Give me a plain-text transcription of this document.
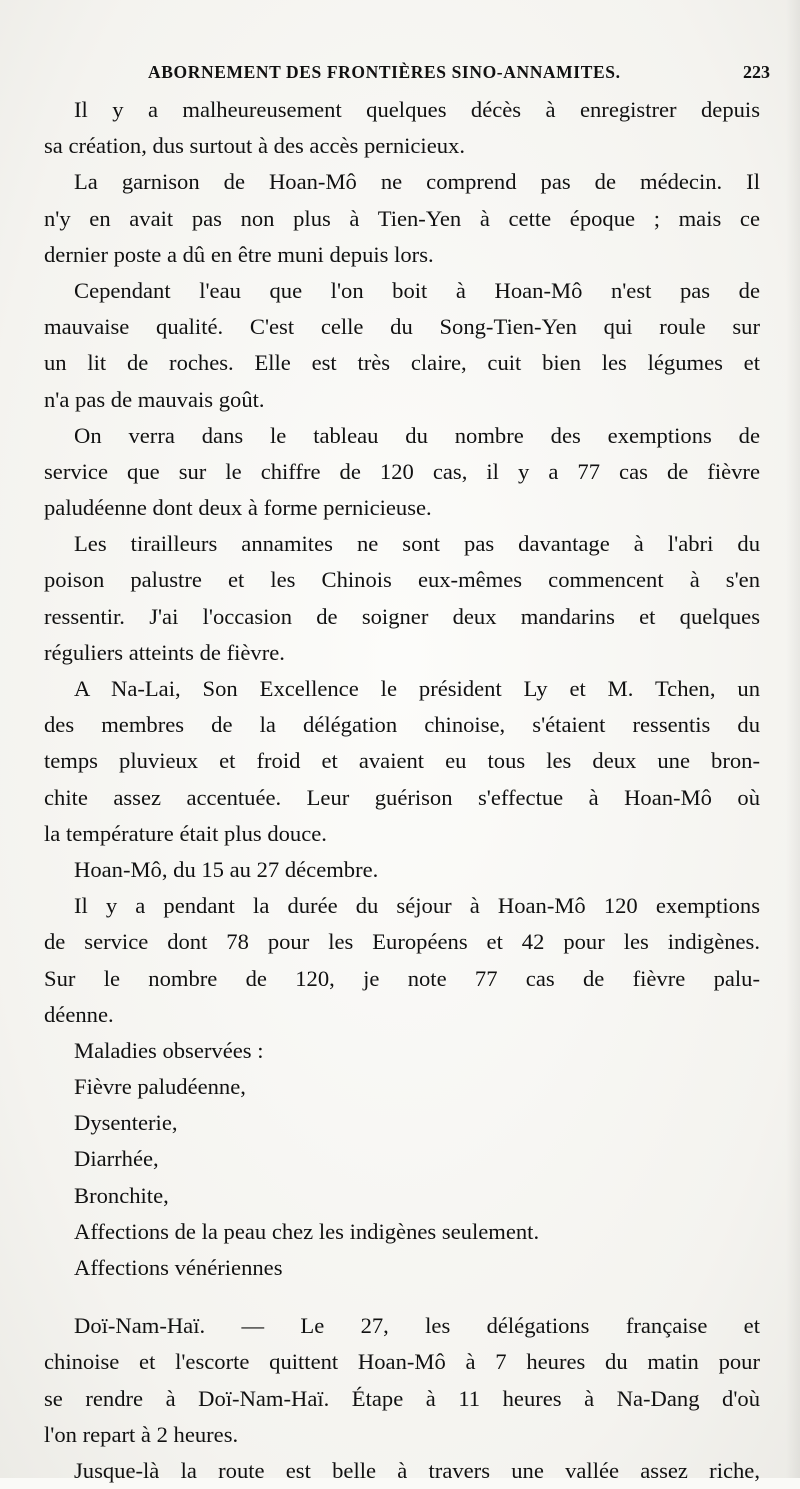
ABORNEMENT DES FRONTIÈRES SINO-ANNAMITES.	223
Il y a malheureusement quelques décès à enregistrer depuis
sa création, dus surtout à des accès pernicieux.
La garnison de Hoan-Mô ne comprend pas de médecin. Il
n'y en avait pas non plus à Tien-Yen à cette époque ; mais ce
dernier poste a dû en être muni depuis lors.
Cependant l'eau que l'on boit à Hoan-Mô n'est pas de
mauvaise qualité. C'est celle du Song-Tien-Yen qui roule sur
un lit de roches. Elle est très claire, cuit bien les légumes et
n'a pas de mauvais goût.
On verra dans le tableau du nombre des exemptions de
service que sur le chiffre de 120 cas, il y a 77 cas de fièvre
paludéenne dont deux à forme pernicieuse.
Les tirailleurs annamites ne sont pas davantage à l'abri du
poison palustre et les Chinois eux-mêmes commencent à s'en
ressentir. J'ai l'occasion de soigner deux mandarins et quelques
réguliers atteints de fièvre.
A Na-Lai, Son Excellence le président Ly et M. Tchen, un
des membres de la délégation chinoise, s'étaient ressentis du
temps pluvieux et froid et avaient eu tous les deux une bron-
chite assez accentuée. Leur guérison s'effectue à Hoan-Mô où
la température était plus douce.
Hoan-Mô, du 15 au 27 décembre.
Il y a pendant la durée du séjour à Hoan-Mô 120 exemptions
de service dont 78 pour les Européens et 42 pour les indigènes.
Sur le nombre de 120, je note 77 cas de fièvre palu-
déenne.
Maladies observées :
Fièvre paludéenne,
Dysenterie,
Diarrhée,
Bronchite,
Affections de la peau chez les indigènes seulement.
Affections vénériennes
Doï-Nam-Haï. — Le 27, les délégations française et
chinoise et l'escorte quittent Hoan-Mô à 7 heures du matin pour
se rendre à Doï-Nam-Haï. Étape à 11 heures à Na-Dang d'où
l'on repart à 2 heures.
Jusque-là la route est belle à travers une vallée assez riche,
